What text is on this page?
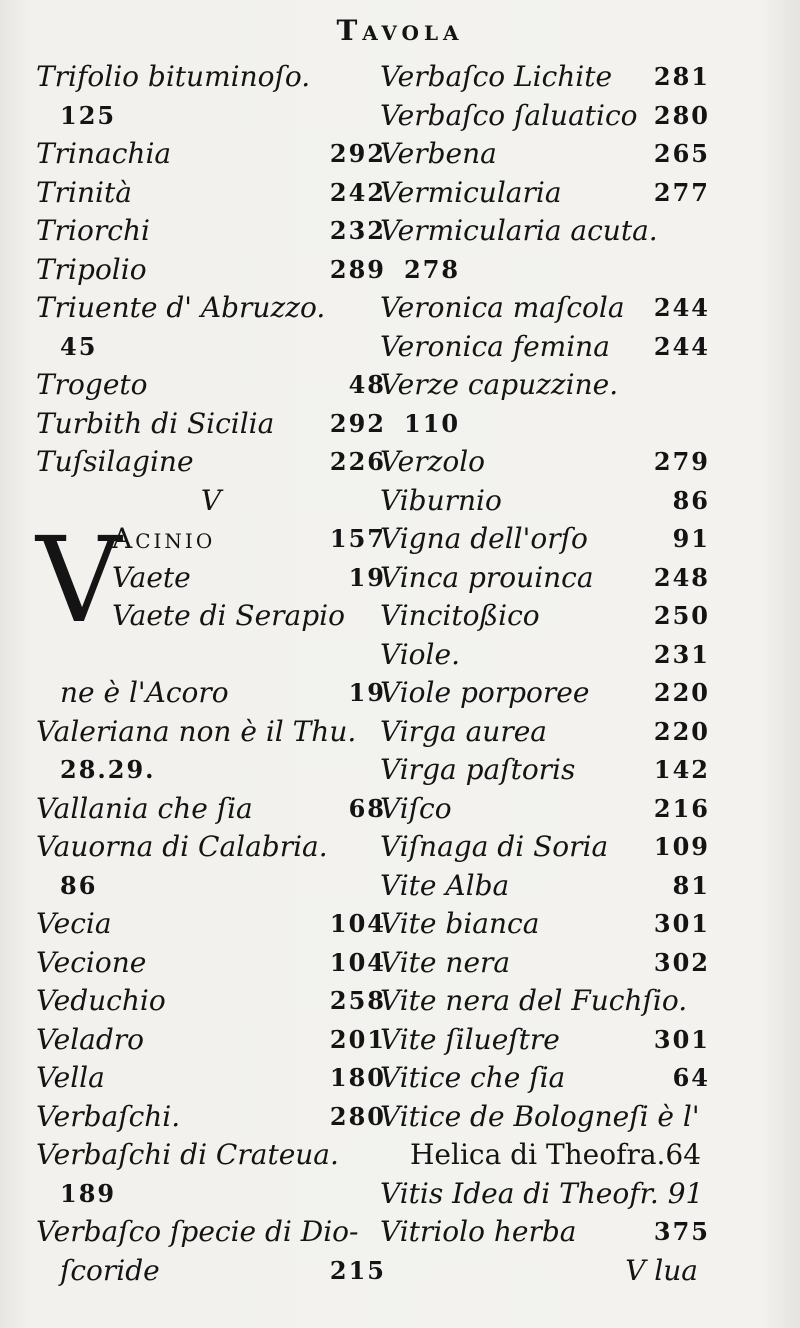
Tavola
Trifolio bituminoſo.
125
Trinachia	292
Trinità	242
Triorchi	232
Tripolio	289
Triuente d' Abruzzo.
45
Trogeto	48
Turbith di Sicilia 292
Tuſsilagine	226
V
V
Acinio	157
Vaete	19
Vaete di Serapio
ne è l'Acoro	19
Valeriana non è il Thu.
28.29.
Vallania che ſia	68
Vauorna di Calabria.
86
Vecia	104
Vecione	104
Veduchio	258
Veladro	201
Vella	180
Verbaſchi.	280
Verbaſchi di Crateua.
189
Verbaſco ſpecie di Dio-
ſcoride	215
Verbaſco Lichite 281
Verbaſco ſaluatico 280
Verbena	265
Vermicularia	277
Vermicularia acuta.
278
Veronica maſcola 244
Veronica femina 244
Verze capuzzine.
110
Verzolo	279
Viburnio	86
Vigna dell'orſo	91
Vinca prouinca	248
Vincitoßico	250
Viole.	231
Viole porporee	220
Virga aurea	220
Virga paſtoris	142
Viſco	216
Viſnaga di Soria 109
Vite Alba	81
Vite bianca	301
Vite nera	302
Vite nera del Fuchſio.
Vite ſilueſtre	301
Vitice che ſia	64
Vitice de Bologneſi è l'
Helica di Theofra.64
Vitis Idea di Theofr. 91
Vitriolo herba	375
V lua
